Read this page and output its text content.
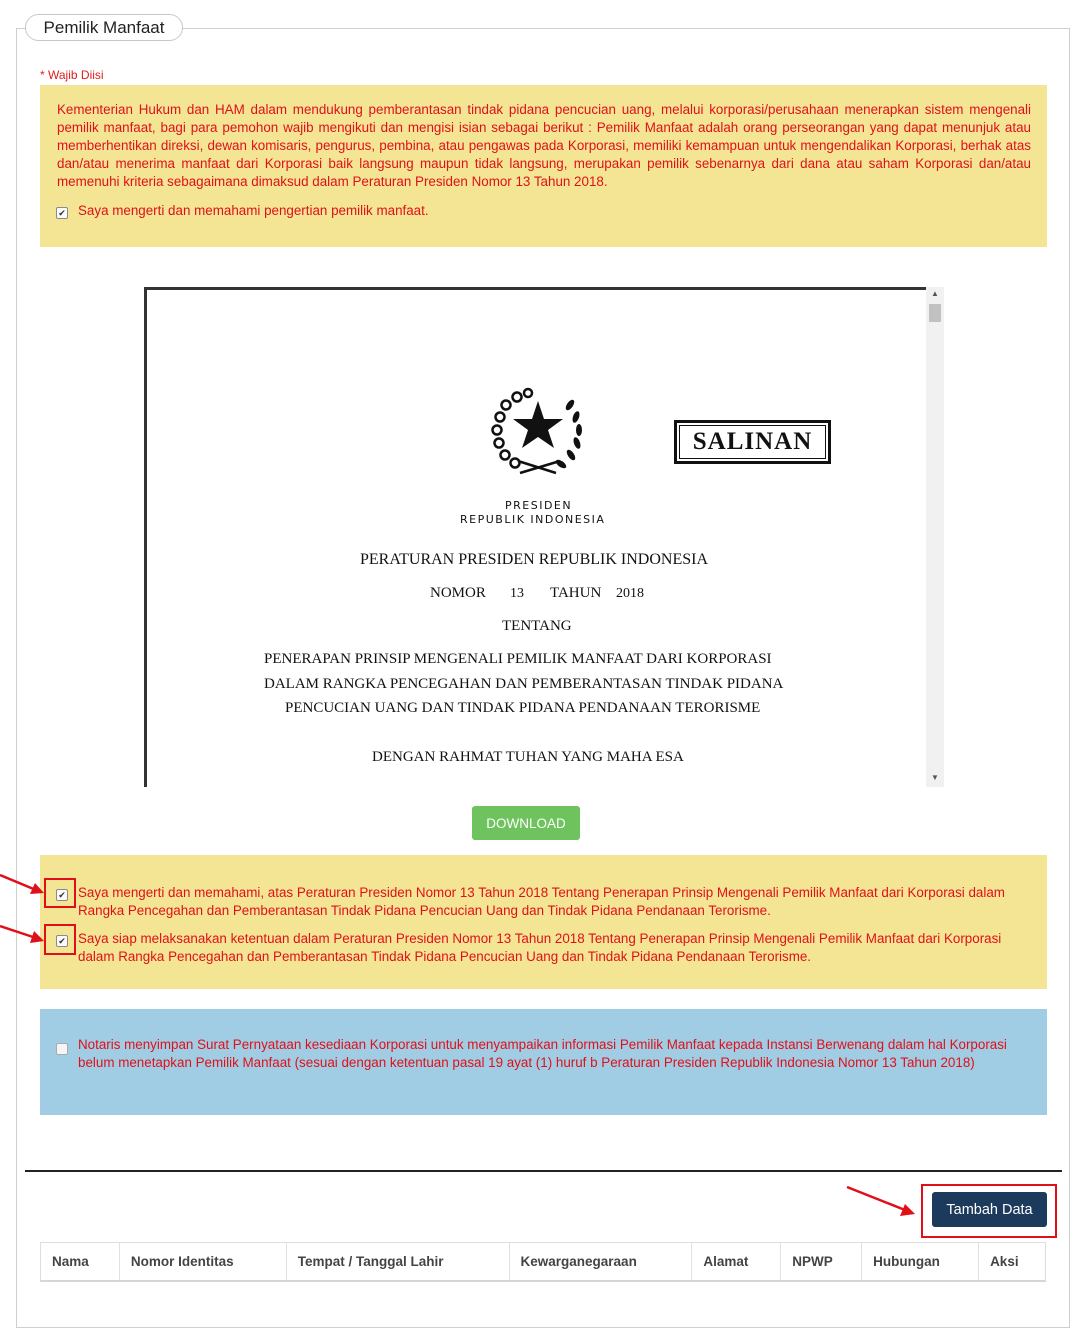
Pemilik Manfaat
* Wajib Diisi
Kementerian Hukum dan HAM dalam mendukung pemberantasan tindak pidana pencucian uang, melalui korporasi/perusahaan menerapkan sistem mengenali pemilik manfaat, bagi para pemohon wajib mengikuti dan mengisi isian sebagai berikut : Pemilik Manfaat adalah orang perseorangan yang dapat menunjuk atau memberhentikan direksi, dewan komisaris, pengurus, pembina, atau pengawas pada Korporasi, memiliki kemampuan untuk mengendalikan Korporasi, berhak atas dan/atau menerima manfaat dari Korporasi baik langsung maupun tidak langsung, merupakan pemilik sebenarnya dari dana atau saham Korporasi dan/atau memenuhi kriteria sebagaimana dimaksud dalam Peraturan Presiden Nomor 13 Tahun 2018.
✔ Saya mengerti dan memahami pengertian pemilik manfaat.
▲
▼
SALINAN
PRESIDEN
REPUBLIK INDONESIA
PERATURAN PRESIDEN REPUBLIK INDONESIA
NOMOR 13 TAHUN 2018
TENTANG
PENERAPAN PRINSIP MENGENALI PEMILIK MANFAAT DARI KORPORASI
DALAM RANGKA PENCEGAHAN DAN PEMBERANTASAN TINDAK PIDANA
PENCUCIAN UANG DAN TINDAK PIDANA PENDANAAN TERORISME
DENGAN RAHMAT TUHAN YANG MAHA ESA
DOWNLOAD
✔ Saya mengerti dan memahami, atas Peraturan Presiden Nomor 13 Tahun 2018 Tentang Penerapan Prinsip Mengenali Pemilik Manfaat dari Korporasi dalam Rangka Pencegahan dan Pemberantasan Tindak Pidana Pencucian Uang dan Tindak Pidana Pendanaan Terorisme.
✔ Saya siap melaksanakan ketentuan dalam Peraturan Presiden Nomor 13 Tahun 2018 Tentang Penerapan Prinsip Mengenali Pemilik Manfaat dari Korporasi dalam Rangka Pencegahan dan Pemberantasan Tindak Pidana Pencucian Uang dan Tindak Pidana Pendanaan Terorisme.
Notaris menyimpan Surat Pernyataan kesediaan Korporasi untuk menyampaikan informasi Pemilik Manfaat kepada Instansi Berwenang dalam hal Korporasi belum menetapkan Pemilik Manfaat (sesuai dengan ketentuan pasal 19 ayat (1) huruf b Peraturan Presiden Republik Indonesia Nomor 13 Tahun 2018)
Tambah Data
Nama	Nomor Identitas	Tempat / Tanggal Lahir	Kewarganegaraan	Alamat	NPWP	Hubungan	Aksi
